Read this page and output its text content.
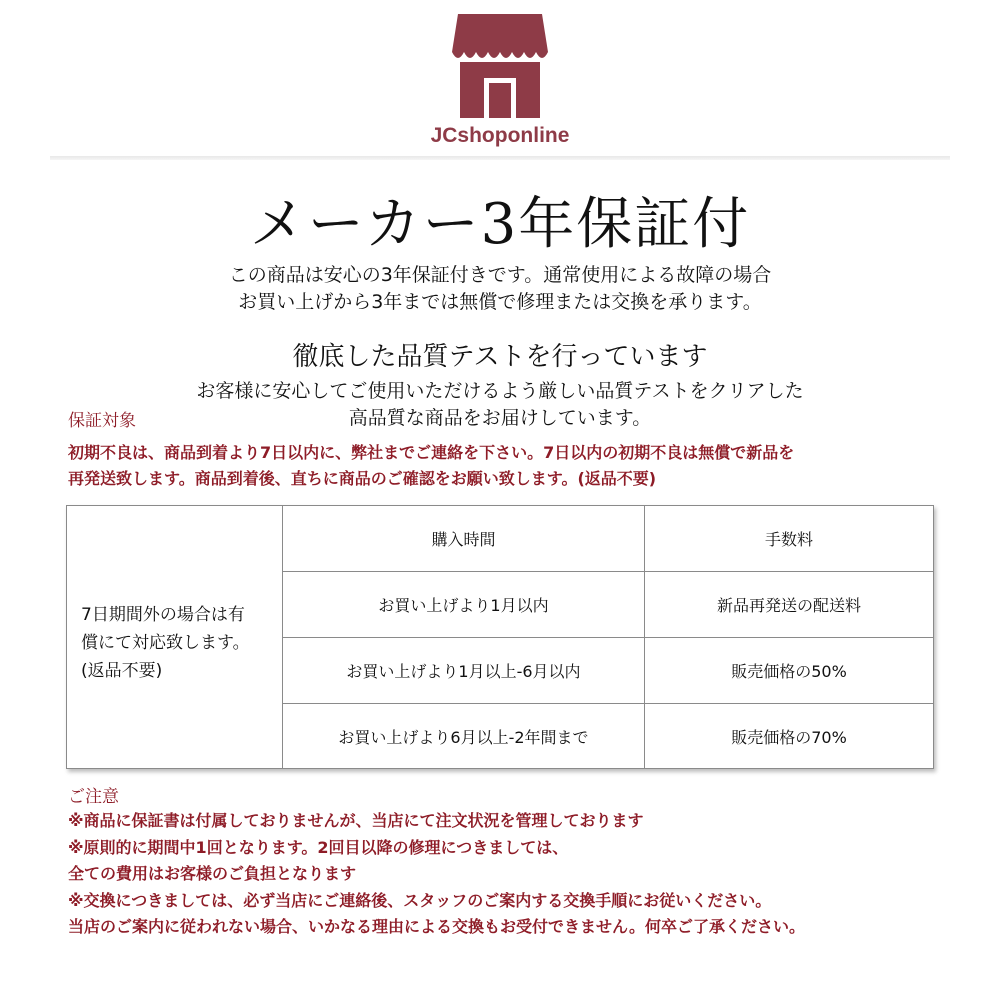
JCshoponline
メーカー3年保証付
この商品は安心の3年保証付きです。通常使用による故障の場合
お買い上げから3年までは無償で修理または交換を承ります。
徹底した品質テストを行っています
お客様に安心してご使用いただけるよう厳しい品質テストをクリアした
高品質な商品をお届けしています。
保証対象
初期不良は、商品到着より7日以内に、弊社までご連絡を下さい。7日以内の初期不良は無償で新品を
再発送致します。商品到着後、直ちに商品のご確認をお願い致します。(返品不要)
7日期間外の場合は有
償にて対応致します。
(返品不要)
購入時間	手数料
お買い上げより1月以内	新品再発送の配送料
お買い上げより1月以上-6月以内	販売価格の50%
お買い上げより6月以上-2年間まで	販売価格の70%
ご注意
※商品に保証書は付属しておりませんが、当店にて注文状況を管理しております
※原則的に期間中1回となります。2回目以降の修理につきましては、
全ての費用はお客様のご負担となります
※交換につきましては、必ず当店にご連絡後、スタッフのご案内する交換手順にお従いください。
当店のご案内に従われない場合、いかなる理由による交換もお受付できません。何卒ご了承ください。
